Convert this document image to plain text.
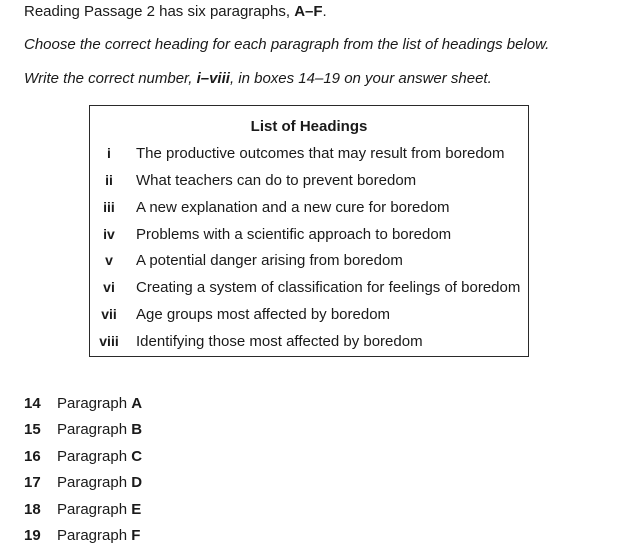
Reading Passage 2 has six paragraphs, A–F.
Choose the correct heading for each paragraph from the list of headings below.
Write the correct number, i–viii, in boxes 14–19 on your answer sheet.
List of Headings
i	The productive outcomes that may result from boredom
ii	What teachers can do to prevent boredom
iii	A new explanation and a new cure for boredom
iv	Problems with a scientific approach to boredom
v	A potential danger arising from boredom
vi	Creating a system of classification for feelings of boredom
vii	Age groups most affected by boredom
viii	Identifying those most affected by boredom
14 Paragraph A
15 Paragraph B
16 Paragraph C
17 Paragraph D
18 Paragraph E
19 Paragraph F
